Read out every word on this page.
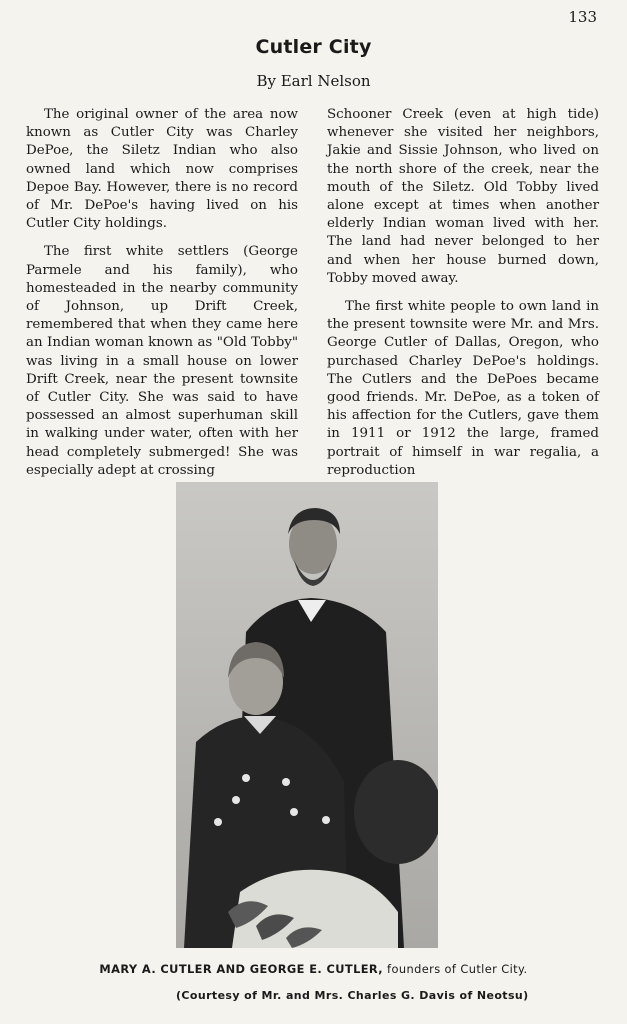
133
Cutler City
By Earl Nelson

The original owner of the area now known as Cutler City was Charley DePoe, the Siletz Indian who also owned land which now comprises Depoe Bay. However, there is no record of Mr. DePoe's having lived on his Cutler City holdings.

The first white settlers (George Parmele and his family), who homesteaded in the nearby community of Johnson, up Drift Creek, remembered that when they came here an Indian woman known as "Old Tobby" was living in a small house on lower Drift Creek, near the present townsite of Cutler City. She was said to have possessed an almost superhuman skill in walking under water, often with her head completely submerged! She was especially adept at crossing

Schooner Creek (even at high tide) whenever she visited her neighbors, Jakie and Sissie Johnson, who lived on the north shore of the creek, near the mouth of the Siletz. Old Tobby lived alone except at times when another elderly Indian woman lived with her. The land had never belonged to her and when her house burned down, Tobby moved away.

The first white people to own land in the present townsite were Mr. and Mrs. George Cutler of Dallas, Oregon, who purchased Charley DePoe's holdings. The Cutlers and the DePoes became good friends. Mr. DePoe, as a token of his affection for the Cutlers, gave them in 1911 or 1912 the large, framed portrait of himself in war regalia, a reproduction

MARY A. CUTLER AND GEORGE E. CUTLER, founders of Cutler City.
(Courtesy of Mr. and Mrs. Charles G. Davis of Neotsu)
